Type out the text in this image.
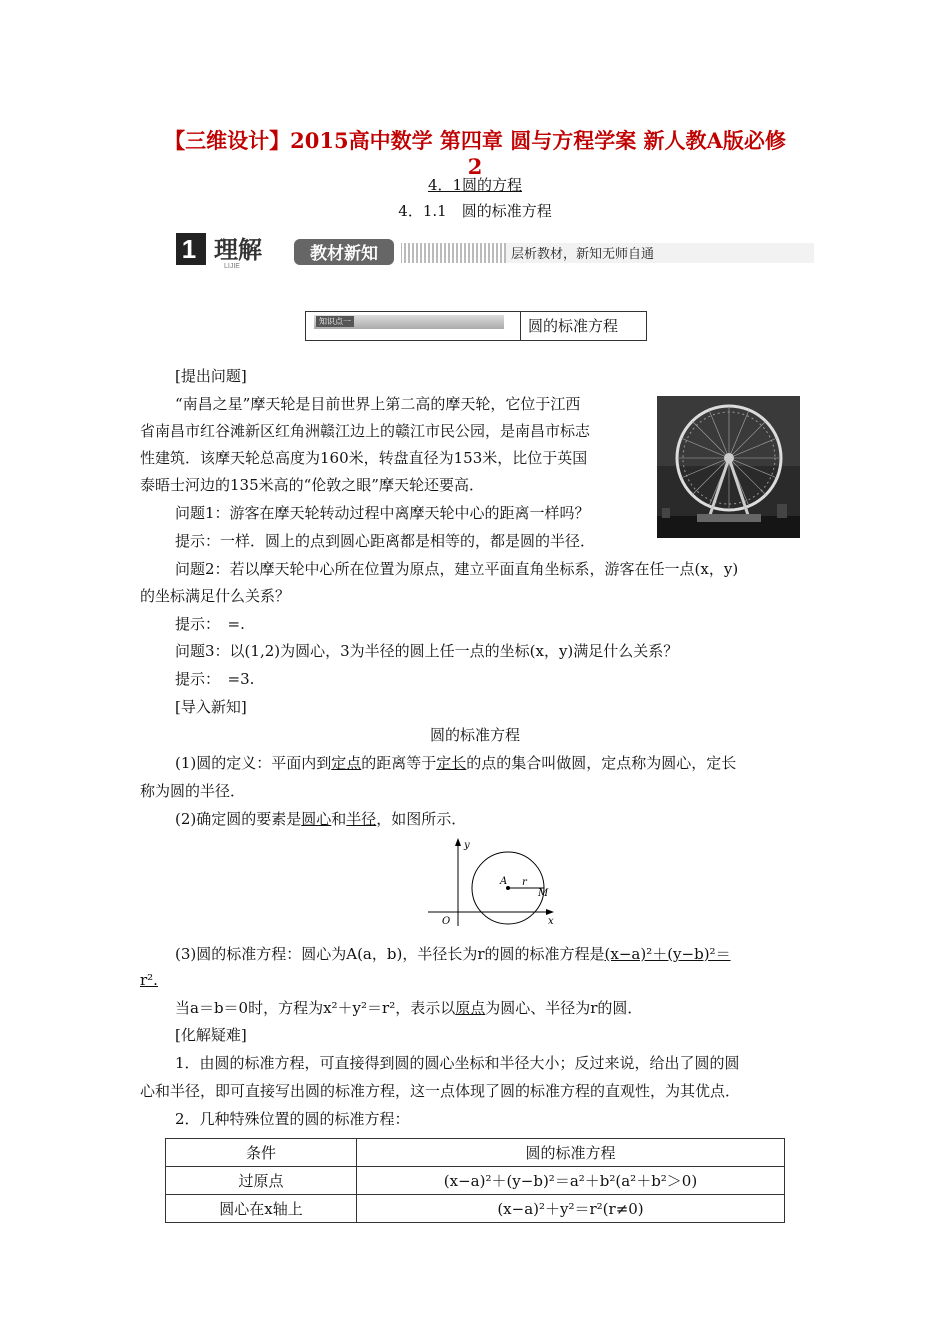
【三维设计】2015高中数学 第四章 圆与方程学案 新人教A版必修
2
4．1圆的方程
4．1.1　圆的标准方程
1 理解
LIJIE
教材新知	层析教材，新知无师自通
知识点一	圆的标准方程
[提出问题]
“南昌之星”摩天轮是目前世界上第二高的摩天轮，它位于江西
省南昌市红谷滩新区红角洲赣江边上的赣江市民公园，是南昌市标志
性建筑．该摩天轮总高度为160米，转盘直径为153米，比位于英国
泰晤士河边的135米高的“伦敦之眼”摩天轮还要高．
问题1：游客在摩天轮转动过程中离摩天轮中心的距离一样吗？
提示：一样．圆上的点到圆心距离都是相等的，都是圆的半径．
问题2：若以摩天轮中心所在位置为原点，建立平面直角坐标系，游客在任一点(x，y)
的坐标满足什么关系？
提示：　=.
问题3：以(1,2)为圆心，3为半径的圆上任一点的坐标(x，y)满足什么关系？
提示：　=3.
[导入新知]
圆的标准方程
(1)圆的定义：平面内到定点的距离等于定长的点的集合叫做圆，定点称为圆心，定长
称为圆的半径．
(2)确定圆的要素是圆心和半径，如图所示．
y
x
O
A r
M
(3)圆的标准方程：圆心为A(a，b)，半径长为r的圆的标准方程是(x−a)²＋(y−b)²＝
r².
当a＝b＝0时，方程为x²＋y²＝r²，表示以原点为圆心、半径为r的圆．
[化解疑难]
1．由圆的标准方程，可直接得到圆的圆心坐标和半径大小；反过来说，给出了圆的圆
心和半径，即可直接写出圆的标准方程，这一点体现了圆的标准方程的直观性，为其优点．
2．几种特殊位置的圆的标准方程：
条件	圆的标准方程
过原点	(x−a)²＋(y−b)²＝a²＋b²(a²＋b²＞0)
圆心在x轴上	(x−a)²＋y²＝r²(r≠0)
